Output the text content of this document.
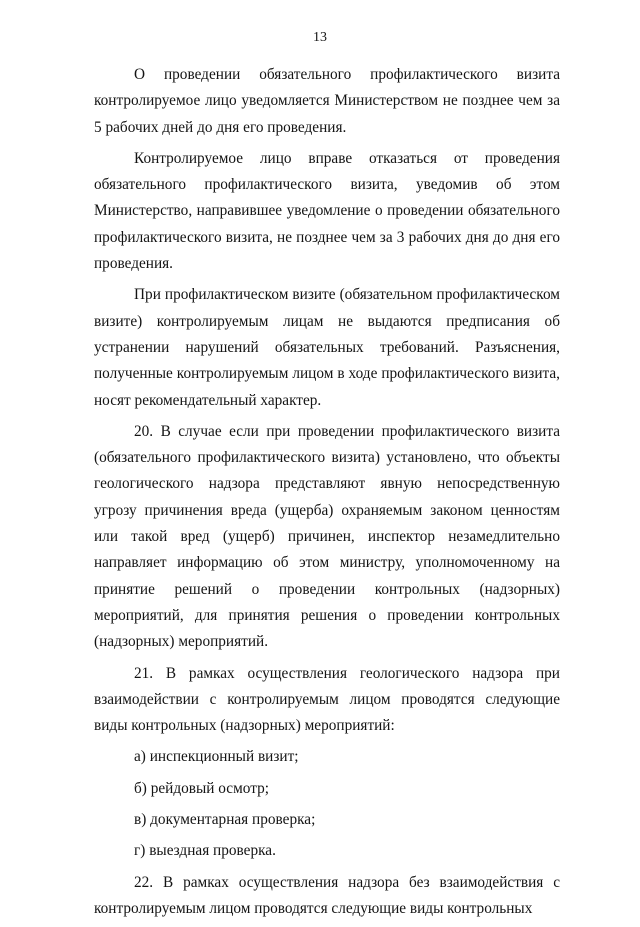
13

О проведении обязательного профилактического визита контролируемое лицо уведомляется Министерством не позднее чем за 5 рабочих дней до дня его проведения.

Контролируемое лицо вправе отказаться от проведения обязательного профилактического визита, уведомив об этом Министерство, направившее уведомление о проведении обязательного профилактического визита, не позднее чем за 3 рабочих дня до дня его проведения.

При профилактическом визите (обязательном профилактическом визите) контролируемым лицам не выдаются предписания об устранении нарушений обязательных требований. Разъяснения, полученные контролируемым лицом в ходе профилактического визита, носят рекомендательный характер.

20. В случае если при проведении профилактического визита (обязательного профилактического визита) установлено, что объекты геологического надзора представляют явную непосредственную угрозу причинения вреда (ущерба) охраняемым законом ценностям или такой вред (ущерб) причинен, инспектор незамедлительно направляет информацию об этом министру, уполномоченному на принятие решений о проведении контрольных (надзорных) мероприятий, для принятия решения о проведении контрольных (надзорных) мероприятий.

21. В рамках осуществления геологического надзора при взаимодействии с контролируемым лицом проводятся следующие виды контрольных (надзорных) мероприятий:

а) инспекционный визит;

б) рейдовый осмотр;

в) документарная проверка;

г) выездная проверка.

22. В рамках осуществления надзора без взаимодействия с контролируемым лицом проводятся следующие виды контрольных
